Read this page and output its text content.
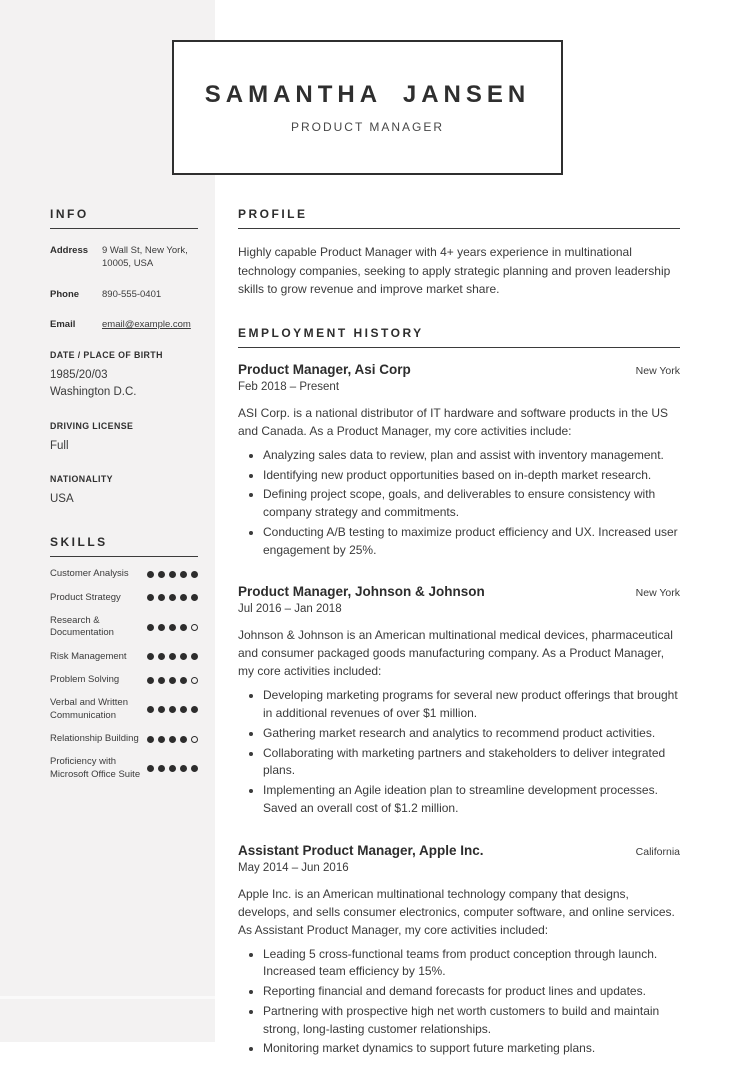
SAMANTHA JANSEN
PRODUCT MANAGER
INFO
Address	9 Wall St, New York, 10005, USA
Phone	890-555-0401
Email	email@example.com
DATE / PLACE OF BIRTH
1985/20/03
Washington D.C.
DRIVING LICENSE
Full
NATIONALITY
USA
SKILLS
Customer Analysis
Product Strategy
Research & Documentation
Risk Management
Problem Solving
Verbal and Written Communication
Relationship Building
Proficiency with Microsoft Office Suite
PROFILE
Highly capable Product Manager with 4+ years experience in multinational technology companies, seeking to apply strategic planning and proven leadership skills to grow revenue and improve market share.
EMPLOYMENT HISTORY
Product Manager, Asi Corp	New York
Feb 2018 – Present
ASI Corp. is a national distributor of IT hardware and software products in the US and Canada. As a Product Manager, my core activities include:
• Analyzing sales data to review, plan and assist with inventory management.
• Identifying new product opportunities based on in-depth market research.
• Defining project scope, goals, and deliverables to ensure consistency with company strategy and commitments.
• Conducting A/B testing to maximize product efficiency and UX. Increased user engagement by 25%.
Product Manager, Johnson & Johnson	New York
Jul 2016 – Jan 2018
Johnson & Johnson is an American multinational medical devices, pharmaceutical and consumer packaged goods manufacturing company. As a Product Manager, my core activities included:
• Developing marketing programs for several new product offerings that brought in additional revenues of over $1 million.
• Gathering market research and analytics to recommend product activities.
• Collaborating with marketing partners and stakeholders to deliver integrated plans.
• Implementing an Agile ideation plan to streamline development processes. Saved an overall cost of $1.2 million.
Assistant Product Manager, Apple Inc.	California
May 2014 – Jun 2016
Apple Inc. is an American multinational technology company that designs, develops, and sells consumer electronics, computer software, and online services. As Assistant Product Manager, my core activities included:
• Leading 5 cross-functional teams from product conception through launch. Increased team efficiency by 15%.
• Reporting financial and demand forecasts for product lines and updates.
• Partnering with prospective high net worth customers to build and maintain strong, long-lasting customer relationships.
• Monitoring market dynamics to support future marketing plans.
